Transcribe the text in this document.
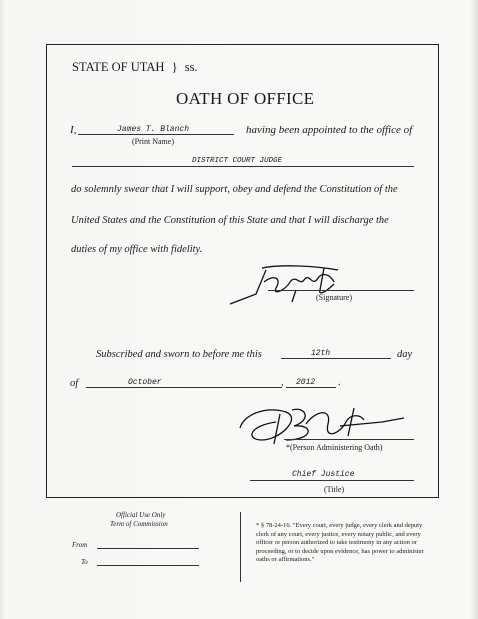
STATE OF UTAH } ss.
OATH OF OFFICE
I,	James T. Blanch	having been appointed to the office of
(Print Name)
DISTRICT COURT JUDGE
do solemnly swear that I will support, obey and defend the Constitution of the
United States and the Constitution of this State and that I will discharge the
duties of my office with fidelity.
(Signature)
Subscribed and sworn to before me this	12th	day
of	October	, 2012 .
*(Person Administering Oath)
Chief Justice
(Title)
Official Use Only
Term of Commission
From
To
* § 78-24-16. "Every court, every judge, every clerk and deputy clerk of any court, every justice, every notary public, and every officer or person authorized to take testimony in any action or proceeding, or to decide upon evidence, has power to administer oaths or affirmations."
